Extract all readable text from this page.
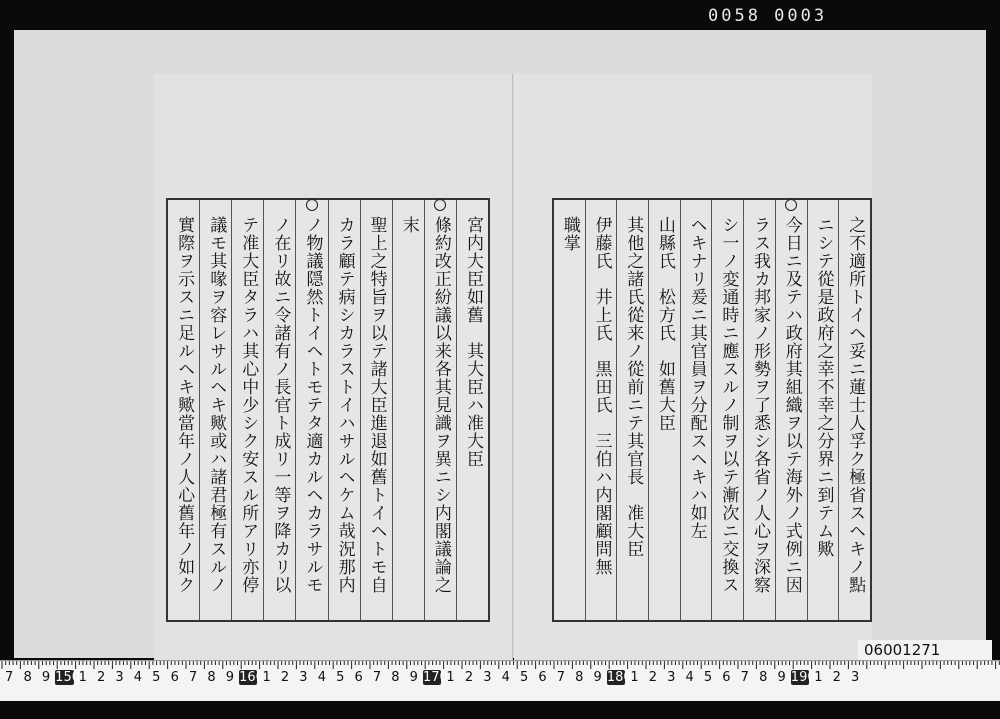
0058 0003
宮内大臣如舊　其大臣ハ准大臣
條約改正紛議以来各其見識ヲ異ニシ内閣議論之
末
聖上之特旨ヲ以テ諸大臣進退如舊トイヘトモ自
カラ顧テ病シカラストイハサルヘケム哉況那内
ノ物議隠然トイヘトモテタ適カルヘカラサルモ
ノ在リ故ニ令諸有ノ長官ト成リ一等ヲ降カリ以
テ准大臣タラハ其心中少シク安スル所アリ亦停
議モ其喙ヲ容レサルヘキ歟或ハ諸君極有スルノ
實際ヲ示スニ足ルヘキ歟當年ノ人心舊年ノ如ク	之不適所トイヘ妥ニ蓮士人孚ク極省スヘキノ點
ニシテ從是政府之幸不幸之分界ニ到テム歟
今日ニ及テハ政府其組織ヲ以テ海外ノ式例ニ因
ラス我カ邦家ノ形勢ヲ了悉シ各省ノ人心ヲ深察
シ一ノ変通時ニ應スルノ制ヲ以テ漸次ニ交換ス
ヘキナリ爰ニ其官員ヲ分配スヘキハ如左
山縣氏　松方氏　如舊大臣
其他之諸氏從来ノ從前ニテ其官長　准大臣
伊藤氏　井上氏　黒田氏　三伯ハ内閣顧問無
職掌
06001271
7 8 9 150
1 2 3 4 5 6 7 8 9 160
1 2 3 4 5 6 7 8 9 170
1 2 3 4 5 6 7 8 9 180
1 2 3 4 5 6 7 8 9 190
1 2 3
